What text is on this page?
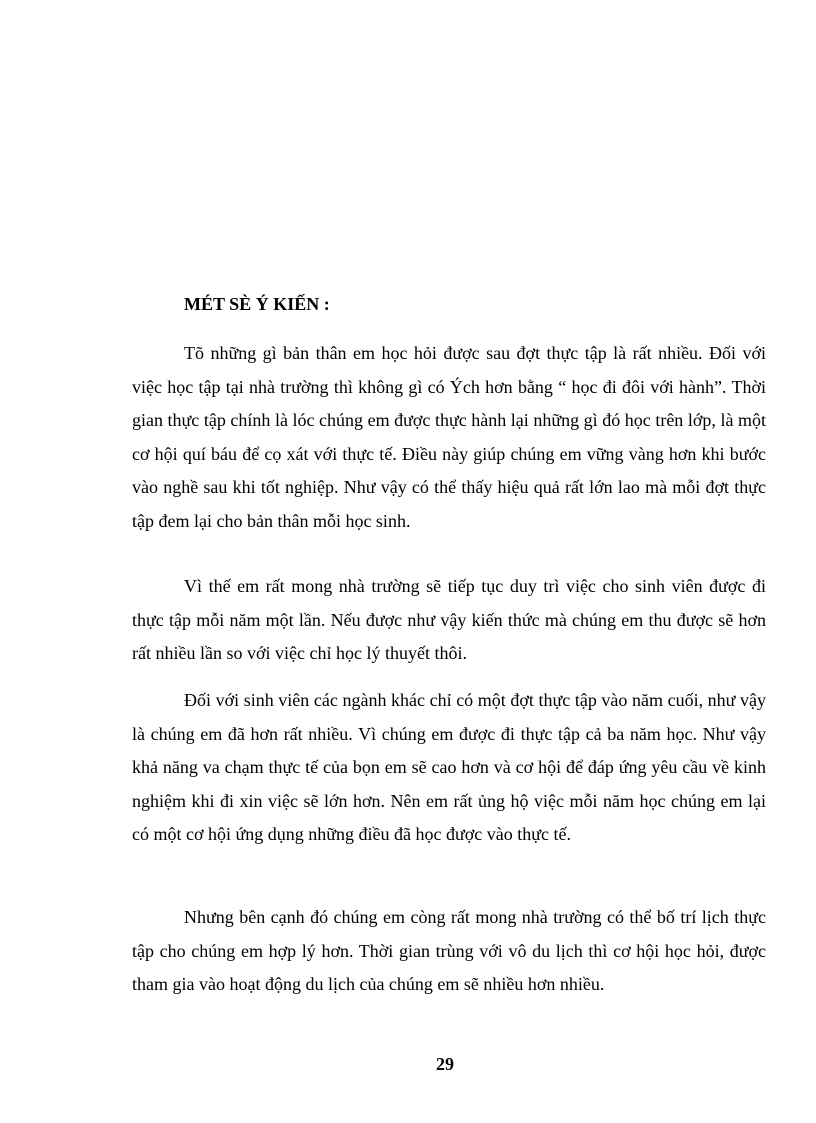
MÉT SÈ Ý KIẾN :

Tõ những gì bản thân em học hỏi được sau đợt thực tập là rất nhiều. Đối với việc học tập tại nhà trường thì không gì có Ých hơn bằng “ học đi đôi với hành”. Thời gian thực tập chính là lóc chúng em được thực hành lại những gì đó học trên lớp, là một cơ hội quí báu để cọ xát với thực tế. Điều này giúp chúng em vững vàng hơn khi bước vào nghề sau khi tốt nghiệp. Như vậy có thể thấy hiệu quả rất lớn lao mà mỗi đợt thực tập đem lại cho bản thân mỗi học sinh.

Vì thế em rất mong nhà trường sẽ tiếp tục duy trì việc cho sinh viên được đi thực tập mỗi năm một lần. Nếu được như vậy kiến thức mà chúng em thu được sẽ hơn rất nhiều lần so với việc chỉ học lý thuyết thôi.

Đối với sinh viên các ngành khác chỉ có một đợt thực tập vào năm cuối, như vậy là chúng em đã hơn rất nhiều. Vì chúng em được đi thực tập cả ba năm học. Như vậy khả năng va chạm thực tế của bọn em sẽ cao hơn và cơ hội để đáp ứng yêu cầu về kinh nghiệm khi đi xin việc sẽ lớn hơn. Nên em rất ủng hộ việc mỗi năm học chúng em lại có một cơ hội ứng dụng những điều đã học được vào thực tế.

Nhưng bên cạnh đó chúng em còng rất mong nhà trường có thể bố trí lịch thực tập cho chúng em hợp lý hơn. Thời gian trùng với vô du lịch thì cơ hội học hỏi, được tham gia vào hoạt động du lịch của chúng em sẽ nhiều hơn nhiều.

29
